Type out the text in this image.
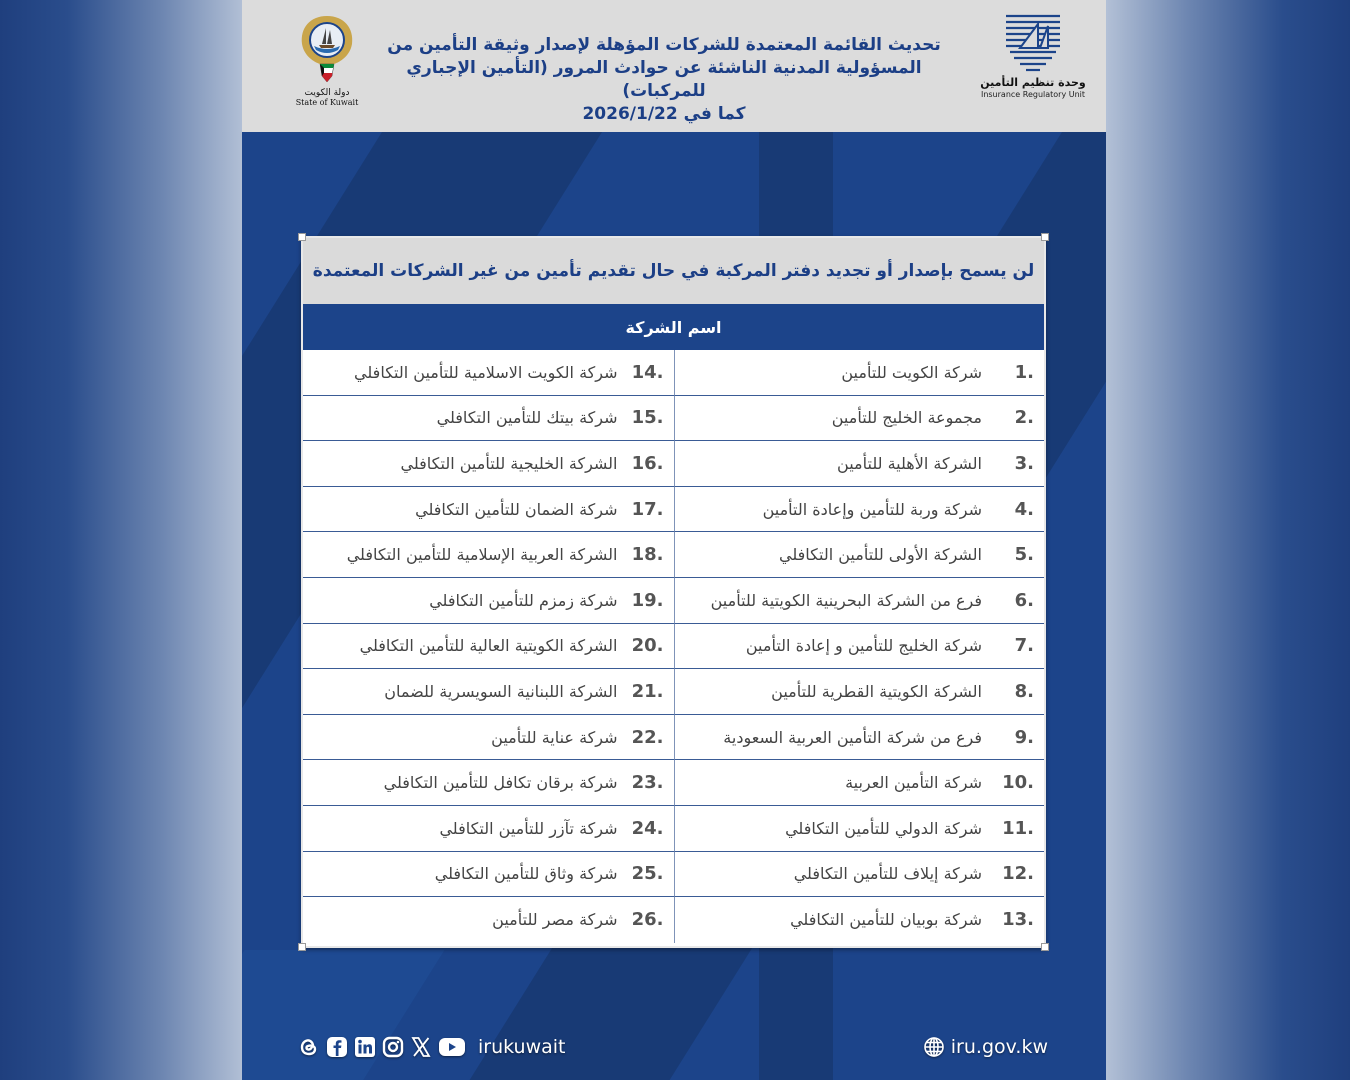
دولة الكويت
State of Kuwait
تحديث القائمة المعتمدة للشركات المؤهلة لإصدار وثيقة التأمين من
المسؤولية المدنية الناشئة عن حوادث المرور (التأمين الإجباري للمركبات)
كما في 2026/1/22
وحدة تنظيم التأمين
Insurance Regulatory Unit
لن يسمح بإصدار أو تجديد دفتر المركبة في حال تقديم تأمين من غير الشركات المعتمدة
اسم الشركة
1.
شركة الكويت للتأمين
14.
شركة الكويت الاسلامية للتأمين التكافلي
2.
مجموعة الخليج للتأمين
15.
شركة بيتك للتأمين التكافلي
3.
الشركة الأهلية للتأمين
16.
الشركة الخليجية للتأمين التكافلي
4.
شركة وربة للتأمين وإعادة التأمين
17.
شركة الضمان للتأمين التكافلي
5.
الشركة الأولى للتأمين التكافلي
18.
الشركة العربية الإسلامية للتأمين التكافلي
6.
فرع من الشركة البحرينية الكويتية للتأمين
19.
شركة زمزم للتأمين التكافلي
7.
شركة الخليج للتأمين و إعادة التأمين
20.
الشركة الكويتية العالية للتأمين التكافلي
8.
الشركة الكويتية القطرية للتأمين
21.
الشركة اللبنانية السويسرية للضمان
9.
فرع من شركة التأمين العربية السعودية
22.
شركة عناية للتأمين
10.
شركة التأمين العربية
23.
شركة برقان تكافل للتأمين التكافلي
11.
شركة الدولي للتأمين التكافلي
24.
شركة تآزر للتأمين التكافلي
12.
شركة إيلاف للتأمين التكافلي
25.
شركة وثاق للتأمين التكافلي
13.
شركة بوبيان للتأمين التكافلي
26.
شركة مصر للتأمين
irukuwait	iru.gov.kw
